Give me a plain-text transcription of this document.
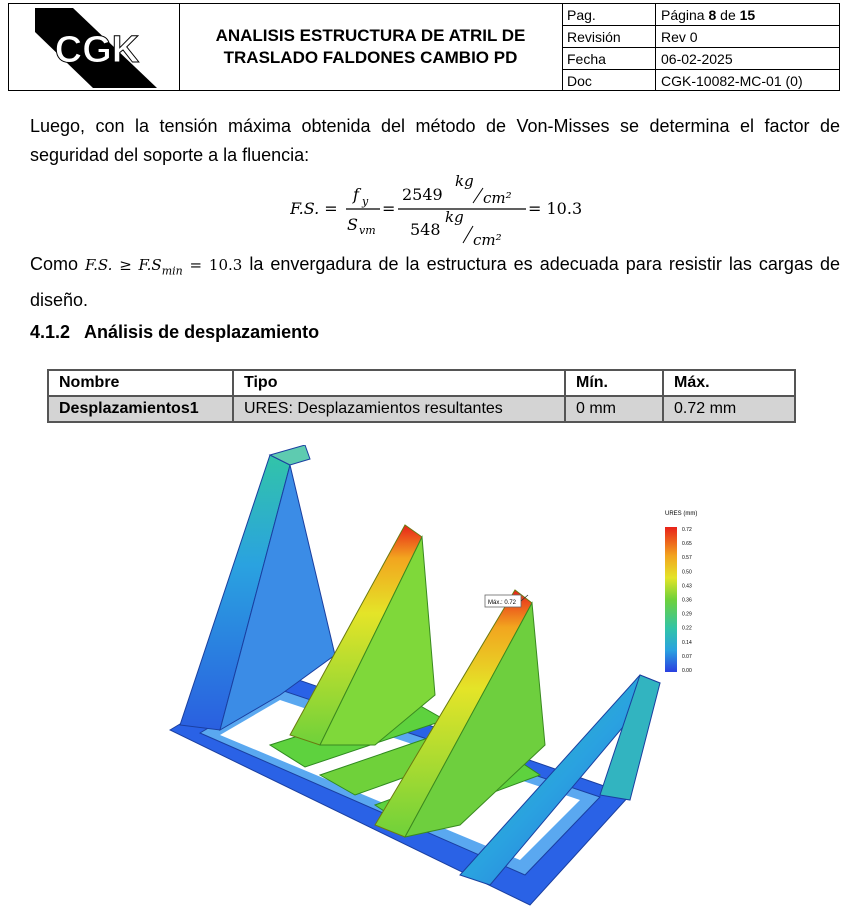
CGK	ANALISIS ESTRUCTURA DE ATRIL DE
TRASLADO FALDONES CAMBIO PD
Pag.	Página 8 de 15
Revisión	Rev 0
Fecha	06-02-2025
Doc	CGK-10082-MC-01 (0)
Luego, con la tensión máxima obtenida del método de Von-Misses se determina el factor de seguridad del soporte a la fluencia:
F.S. =
f y
S vm
=
2549
kg
cm²
548
kg
cm²
= 10.3
Como F.S. ≥ $F.S_{min} = 10.3$ la envergadura de la estructura es adecuada para resistir las cargas de diseño.
4.1.2 Análisis de desplazamiento
Nombre	Tipo	Mín.	Máx.
Desplazamientos1	URES: Desplazamientos resultantes	0 mm	0.72 mm
Máx.: 0.72
URES (mm)
0.72
0.65
0.57
0.50
0.43
0.36
0.29
0.22
0.14
0.07
0.00
